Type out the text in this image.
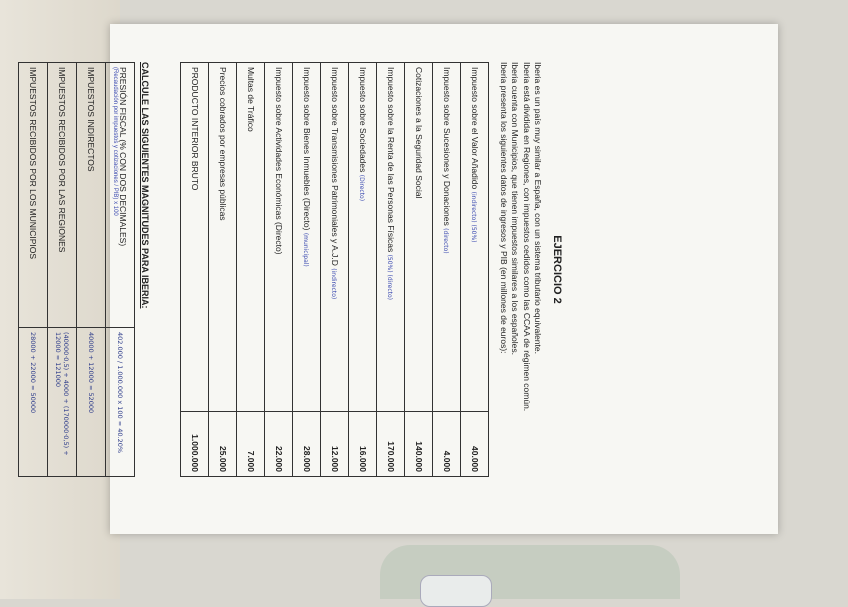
EJERCICIO 2
Iberia es un país muy similar a España, con un sistema tributario equivalente.
Iberia está dividida en Regiones, con impuestos cedidos como las CCAA de régimen común.
Iberia cuenta con Municipios, que tienen impuestos similares a los españoles.
Iberia presenta los siguientes datos de ingresos y PIB (en millones de euros):
Impuesto sobre el Valor Añadido (indirecto) (50%)	40.000
Impuesto sobre Sucesiones y Donaciones (directo)	4.000
Cotizaciones a la Seguridad Social	140.000
Impuesto sobre la Renta de las Personas Físicas (50%) (directo)	170.000
Impuesto sobre Sociedades (Directo)	16.000
Impuesto sobre Transmisiones Patrimoniales y A.J.D (indirecto)	12.000
Impuesto sobre Bienes Inmuebles (Directo) (municipal)	28.000
Impuesto sobre Actividades Económicas (Directo)	22.000
Multas de Tráfico	7.000
Precios cobrados por empresas públicas	25.000
PRODUCTO INTERIOR BRUTO	1.000.000
CALCULE LAS SIGUIENTES MAGNITUDES PARA IBERIA:
PRESIÓN FISCAL (% CON DOS DECIMALES)
(Recaudación por impuestos y cotizaciones / PIB) x 100	402.000 / 1.000.000 x 100 = 40.20%
IMPUESTOS INDIRECTOS	40000 + 12000 = 52000
IMPUESTOS RECIBIDOS POR LAS REGIONES	(40000·0,5) + 4000 + (170000·0,5) + 12000 = 121000
IMPUESTOS RECIBIDOS POR LOS MUNICIPIOS	28000 + 22000 = 50000
